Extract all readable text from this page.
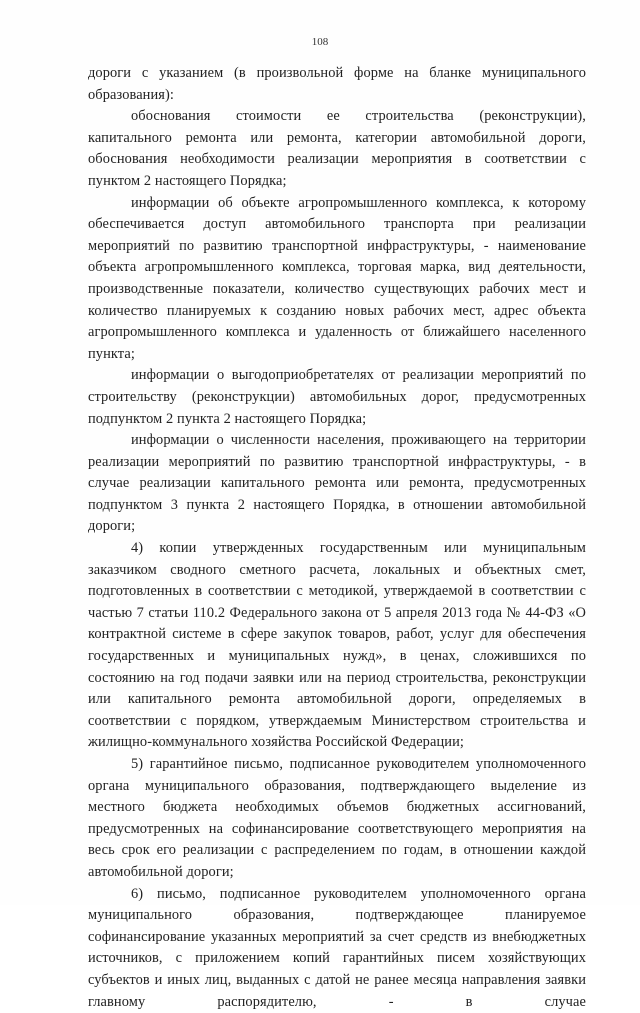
108

дороги с указанием (в произвольной форме на бланке муниципального образования):

обоснования стоимости ее строительства (реконструкции), капитального ремонта или ремонта, категории автомобильной дороги, обоснования необходимости реализации мероприятия в соответствии с пунктом 2 настоящего Порядка;

информации об объекте агропромышленного комплекса, к которому обеспечивается доступ автомобильного транспорта при реализации мероприятий по развитию транспортной инфраструктуры, - наименование объекта агропромышленного комплекса, торговая марка, вид деятельности, производственные показатели, количество существующих рабочих мест и количество планируемых к созданию новых рабочих мест, адрес объекта агропромышленного комплекса и удаленность от ближайшего населенного пункта;

информации о выгодоприобретателях от реализации мероприятий по строительству (реконструкции) автомобильных дорог, предусмотренных подпунктом 2 пункта 2 настоящего Порядка;

информации о численности населения, проживающего на территории реализации мероприятий по развитию транспортной инфраструктуры, - в случае реализации капитального ремонта или ремонта, предусмотренных подпунктом 3 пункта 2 настоящего Порядка, в отношении автомобильной дороги;

4) копии утвержденных государственным или муниципальным заказчиком сводного сметного расчета, локальных и объектных смет, подготовленных в соответствии с методикой, утверждаемой в соответствии с частью 7 статьи 110.2 Федерального закона от 5 апреля 2013 года № 44-ФЗ «О контрактной системе в сфере закупок товаров, работ, услуг для обеспечения государственных и муниципальных нужд», в ценах, сложившихся по состоянию на год подачи заявки или на период строительства, реконструкции или капитального ремонта автомобильной дороги, определяемых в соответствии с порядком, утверждаемым Министерством строительства и жилищно-коммунального хозяйства Российской Федерации;

5) гарантийное письмо, подписанное руководителем уполномоченного органа муниципального образования, подтверждающего выделение из местного бюджета необходимых объемов бюджетных ассигнований, предусмотренных на софинансирование соответствующего мероприятия на весь срок его реализации с распределением по годам, в отношении каждой автомобильной дороги;

6) письмо, подписанное руководителем уполномоченного органа муниципального образования, подтверждающее планируемое софинансирование указанных мероприятий за счет средств из внебюджетных источников, с приложением копий гарантийных писем хозяйствующих субъектов и иных лиц, выданных с датой не ранее месяца направления заявки главному распорядителю, - в случае
